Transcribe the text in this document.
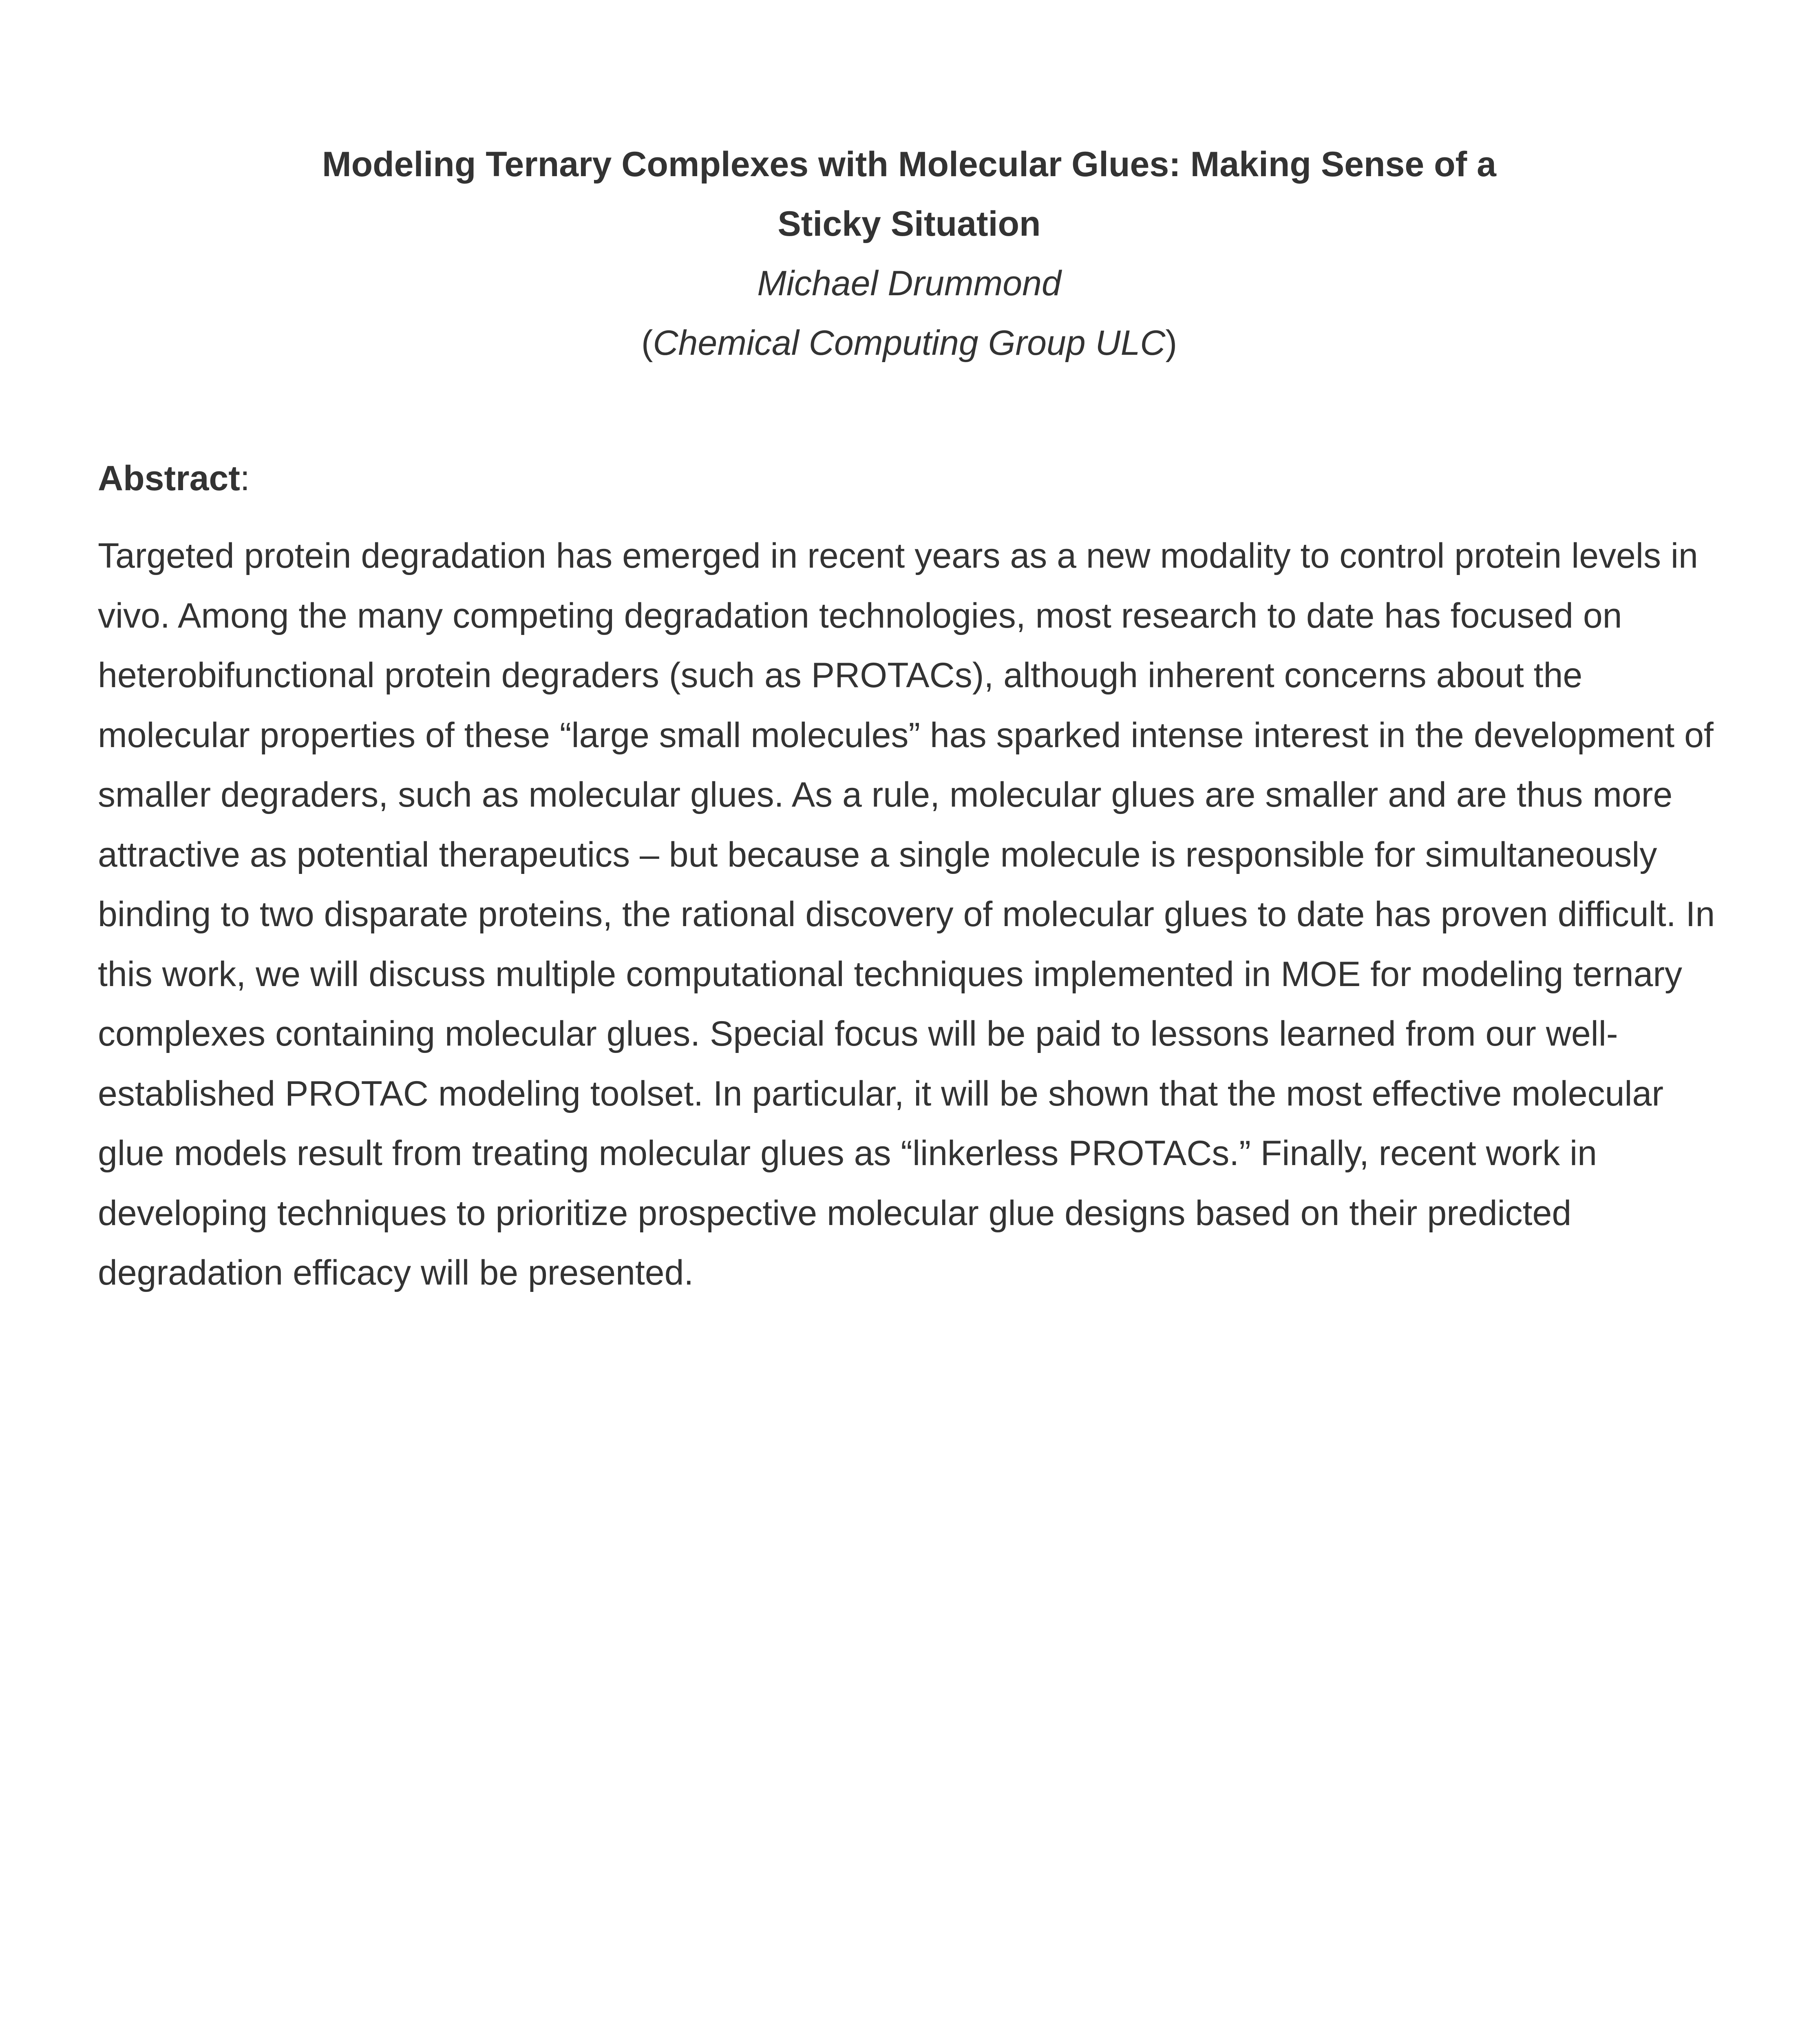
Modeling Ternary Complexes with Molecular Glues: Making Sense of a Sticky Situation

Michael Drummond

(Chemical Computing Group ULC)

Abstract:

Targeted protein degradation has emerged in recent years as a new modality to control protein levels in vivo. Among the many competing degradation technologies, most research to date has focused on heterobifunctional protein degraders (such as PROTACs), although inherent concerns about the molecular properties of these “large small molecules” has sparked intense interest in the development of smaller degraders, such as molecular glues. As a rule, molecular glues are smaller and are thus more attractive as potential therapeutics – but because a single molecule is responsible for simultaneously binding to two disparate proteins, the rational discovery of molecular glues to date has proven difficult. In this work, we will discuss multiple computational techniques implemented in MOE for modeling ternary complexes containing molecular glues. Special focus will be paid to lessons learned from our well-established PROTAC modeling toolset. In particular, it will be shown that the most effective molecular glue models result from treating molecular glues as “linkerless PROTACs.” Finally, recent work in developing techniques to prioritize prospective molecular glue designs based on their predicted degradation efficacy will be presented.
